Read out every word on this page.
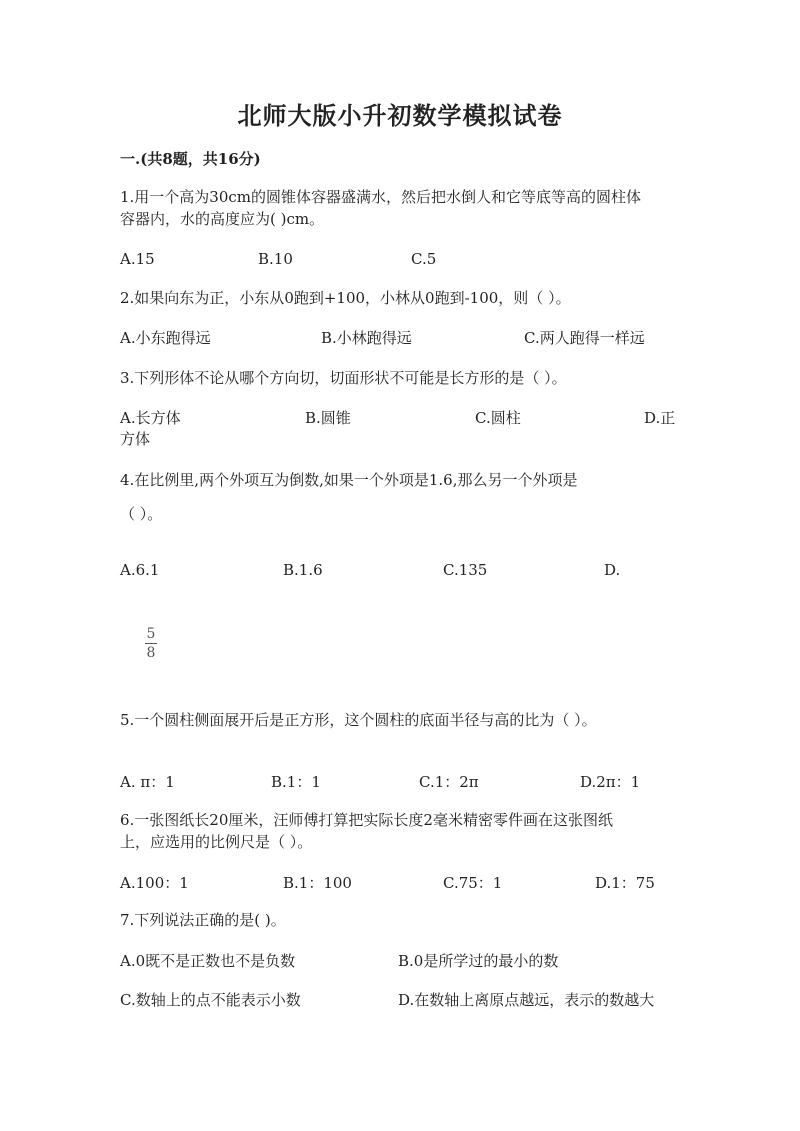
北师大版小升初数学模拟试卷
一.(共8题，共16分)
1.用一个高为30cm的圆锥体容器盛满水，然后把水倒人和它等底等高的圆柱体
容器内，水的高度应为( )cm。
A.15	B.10	C.5
2.如果向东为正，小东从0跑到+100，小林从0跑到-100，则（ ）。
A.小东跑得远	B.小林跑得远	C.两人跑得一样远
3.下列形体不论从哪个方向切，切面形状不可能是长方形的是（ ）。
A.长方体	B.圆锥	C.圆柱	D.正
方体
4.在比例里,两个外项互为倒数,如果一个外项是1.6,那么另一个外项是
（ ）。
A.6.1	B.1.6	C.135	D.
5
8
5.一个圆柱侧面展开后是正方形，这个圆柱的底面半径与高的比为（ ）。
A. π：1	B.1：1	C.1：2π	D.2π：1
6.一张图纸长20厘米，汪师傅打算把实际长度2毫米精密零件画在这张图纸
上，应选用的比例尺是（ ）。
A.100：1	B.1：100	C.75：1	D.1：75
7.下列说法正确的是( )。
A.0既不是正数也不是负数	B.0是所学过的最小的数
C.数轴上的点不能表示小数	D.在数轴上离原点越远，表示的数越大
